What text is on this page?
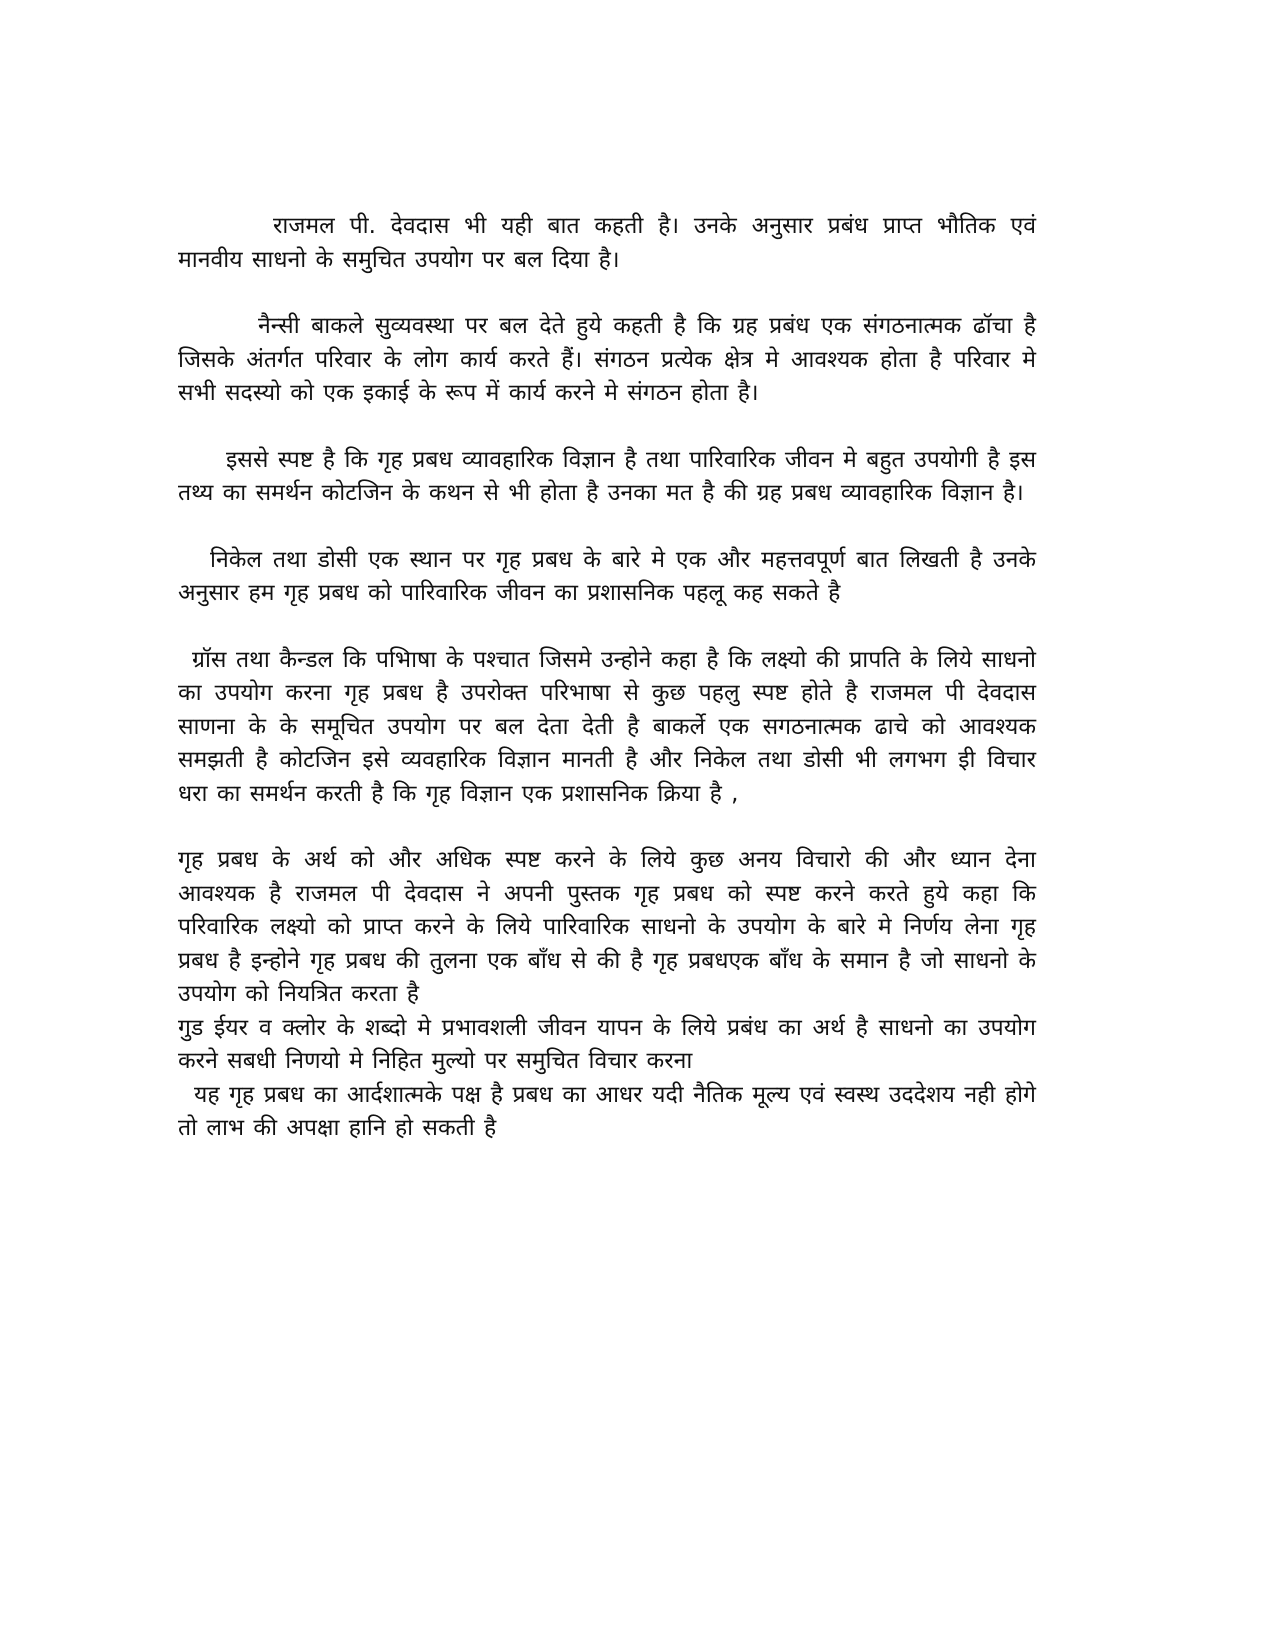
राजमल पी. देवदास भी यही बात कहती है। उनके अनुसार प्रबंध प्राप्त भौतिक एवं मानवीय साधनो के समुचित उपयोग पर बल दिया है।

नैन्सी बाकले सुव्यवस्था पर बल देते हुये कहती है कि ग्रह प्रबंध एक संगठनात्मक ढॉचा है जिसके अंतर्गत परिवार के लोग कार्य करते हैं। संगठन प्रत्येक क्षेत्र मे आवश्यक होता है परिवार मे सभी सदस्यो को एक इकाई के रूप में कार्य करने मे संगठन होता है।

इससे स्पष्ट है कि गृह प्रबध व्यावहारिक विज्ञान है तथा पारिवारिक जीवन मे बहुत उपयोगी है इस तथ्य का समर्थन कोटजिन के कथन से भी होता है उनका मत है की ग्रह प्रबध व्यावहारिक विज्ञान है।

निकेल तथा डोसी एक स्थान पर गृह प्रबध के बारे मे एक और महत्तवपूर्ण बात लिखती है उनके अनुसार हम गृह प्रबध को पारिवारिक जीवन का प्रशासनिक पहलू कह सकते है

ग्रॉस तथा कैन्डल कि पभिाषा के पश्चात जिसमे उन्होने कहा है कि लक्ष्यो की प्रापति के लिये साधनो का उपयोग करना गृह प्रबध है उपरोक्त परिभाषा से कुछ पहलु स्पष्ट होते है राजमल पी देवदास साणना के के समूचित उपयोग पर बल देता देती है बाकर्ले एक सगठनात्मक ढाचे को आवश्यक समझती है कोटजिन इसे व्यवहारिक विज्ञान मानती है और निकेल तथा डोसी भी लगभग इी विचार धरा का समर्थन करती है कि गृह विज्ञान एक प्रशासनिक क्रिया है ,

गृह प्रबध के अर्थ को और अधिक स्पष्ट करने के लिये कुछ अनय विचारो की और ध्यान देना आवश्यक है राजमल पी देवदास ने अपनी पुस्तक गृह प्रबध को स्पष्ट करने करते हुये कहा कि परिवारिक लक्ष्यो को प्राप्त करने के लिये पारिवारिक साधनो के उपयोग के बारे मे निर्णय लेना गृह प्रबध है इन्होने गृह प्रबध की तुलना एक बॉंध से की है गृह प्रबधएक बॉंध के समान है जो साधनो के उपयोग को नियत्रित करता है

गुड ईयर व क्लोर के शब्दो मे प्रभावशली जीवन यापन के लिये प्रबंध का अर्थ है साधनो का उपयोग करने सबधी निणयो मे निहित मुल्यो पर समुचित विचार करना

यह गृह प्रबध का आर्दशात्मके पक्ष है प्रबध का आधर यदी नैतिक मूल्य एवं स्वस्थ उददेशय नही होगे तो लाभ की अपक्षा हानि हो सकती है
